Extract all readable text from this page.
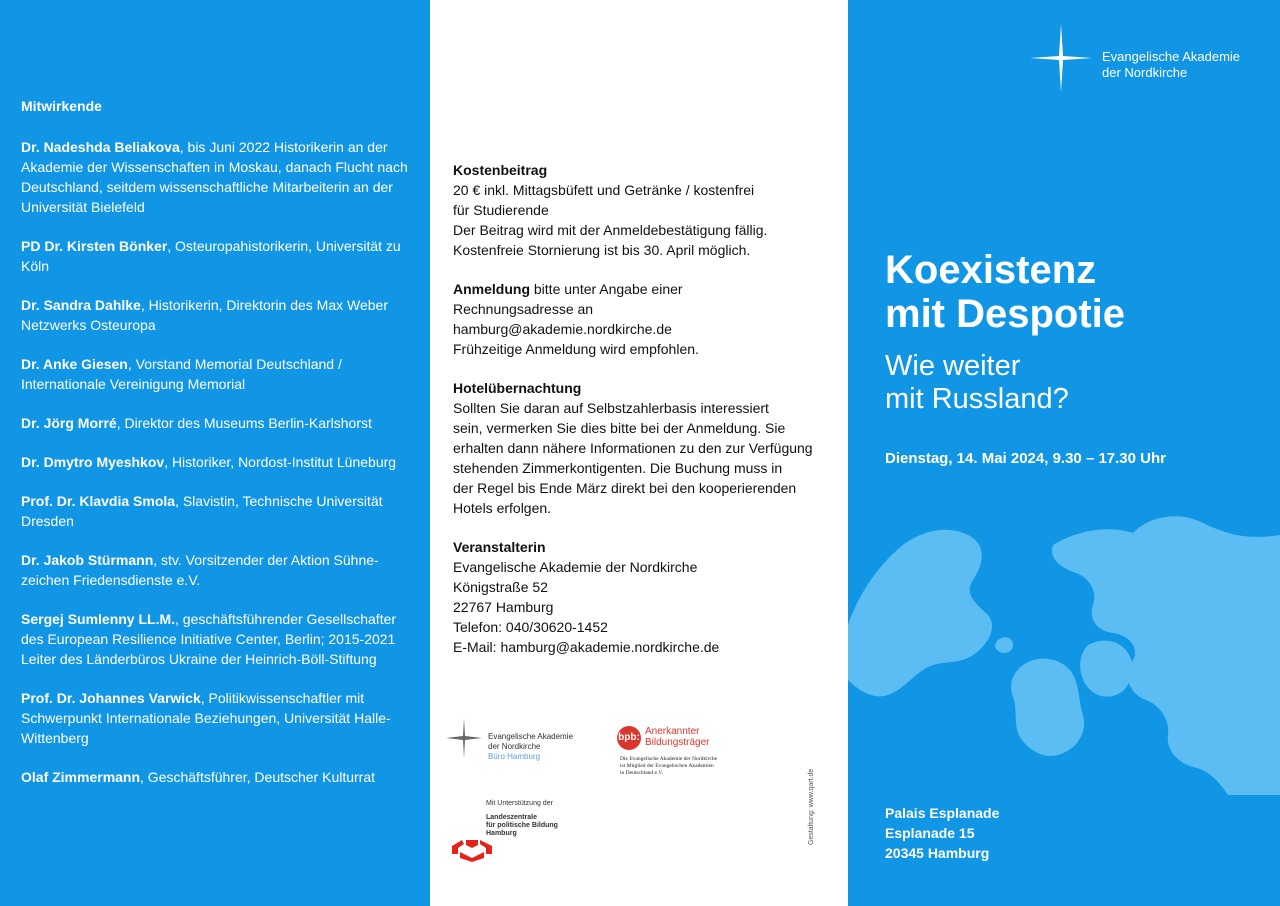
Mitwirkende
Dr. Nadeshda Beliakova, bis Juni 2022 Historikerin an der Akademie der Wissenschaften in Moskau, danach Flucht nach Deutschland, seitdem wissenschaftliche Mitarbeiterin an der Universität Bielefeld
PD Dr. Kirsten Bönker, Osteuropahistorikerin, Universität zu Köln
Dr. Sandra Dahlke, Historikerin, Direktorin des Max Weber Netzwerks Osteuropa
Dr. Anke Giesen, Vorstand Memorial Deutschland / Internationale Vereinigung Memorial
Dr. Jörg Morré, Direktor des Museums Berlin-Karlshorst
Dr. Dmytro Myeshkov, Historiker, Nordost-Institut Lüneburg
Prof. Dr. Klavdia Smola, Slavistin, Technische Universität Dresden
Dr. Jakob Stürmann, stv. Vorsitzender der Aktion Sühnezeichen Friedensdienste e.V.
Sergej Sumlenny LL.M., geschäftsführender Gesellschafter des European Resilience Initiative Center, Berlin; 2015-2021 Leiter des Länderbüros Ukraine der Heinrich-Böll-Stiftung
Prof. Dr. Johannes Varwick, Politikwissenschaftler mit Schwerpunkt Internationale Beziehungen, Universität Halle-Wittenberg
Olaf Zimmermann, Geschäftsführer, Deutscher Kulturrat
Kostenbeitrag
20 € inkl. Mittagsbüfett und Getränke / kostenfrei
für Studierende
Der Beitrag wird mit der Anmeldebestätigung fällig.
Kostenfreie Stornierung ist bis 30. April möglich.
Anmeldung bitte unter Angabe einer
Rechnungsadresse an
hamburg@akademie.nordkirche.de
Frühzeitige Anmeldung wird empfohlen.
Hotelübernachtung
Sollten Sie daran auf Selbstzahlerbasis interessiert
sein, vermerken Sie dies bitte bei der Anmeldung. Sie
erhalten dann nähere Informationen zu den zur Verfügung
stehenden Zimmerkontigenten. Die Buchung muss in
der Regel bis Ende März direkt bei den kooperierenden
Hotels erfolgen.
Veranstalterin
Evangelische Akademie der Nordkirche
Königstraße 52
22767 Hamburg
Telefon: 040/30620-1452
E-Mail: hamburg@akademie.nordkirche.de
Evangelische Akademie
der Nordkirche
Büro Hamburg
bpb:
Anerkannter
Bildungsträger
Die Evangelische Akademie der Nordkirche
ist Mitglied der Evangelischen Akademien
in Deutschland e.V.
Mit Unterstützung der
Landeszentrale
für politische Bildung
Hamburg	Gestaltung: www.qart.de
Evangelische Akademie
der Nordkirche
Koexistenz
mit Despotie
Wie weiter
mit Russland?
Dienstag, 14. Mai 2024, 9.30 – 17.30 Uhr
Palais Esplanade
Esplanade 15
20345 Hamburg
